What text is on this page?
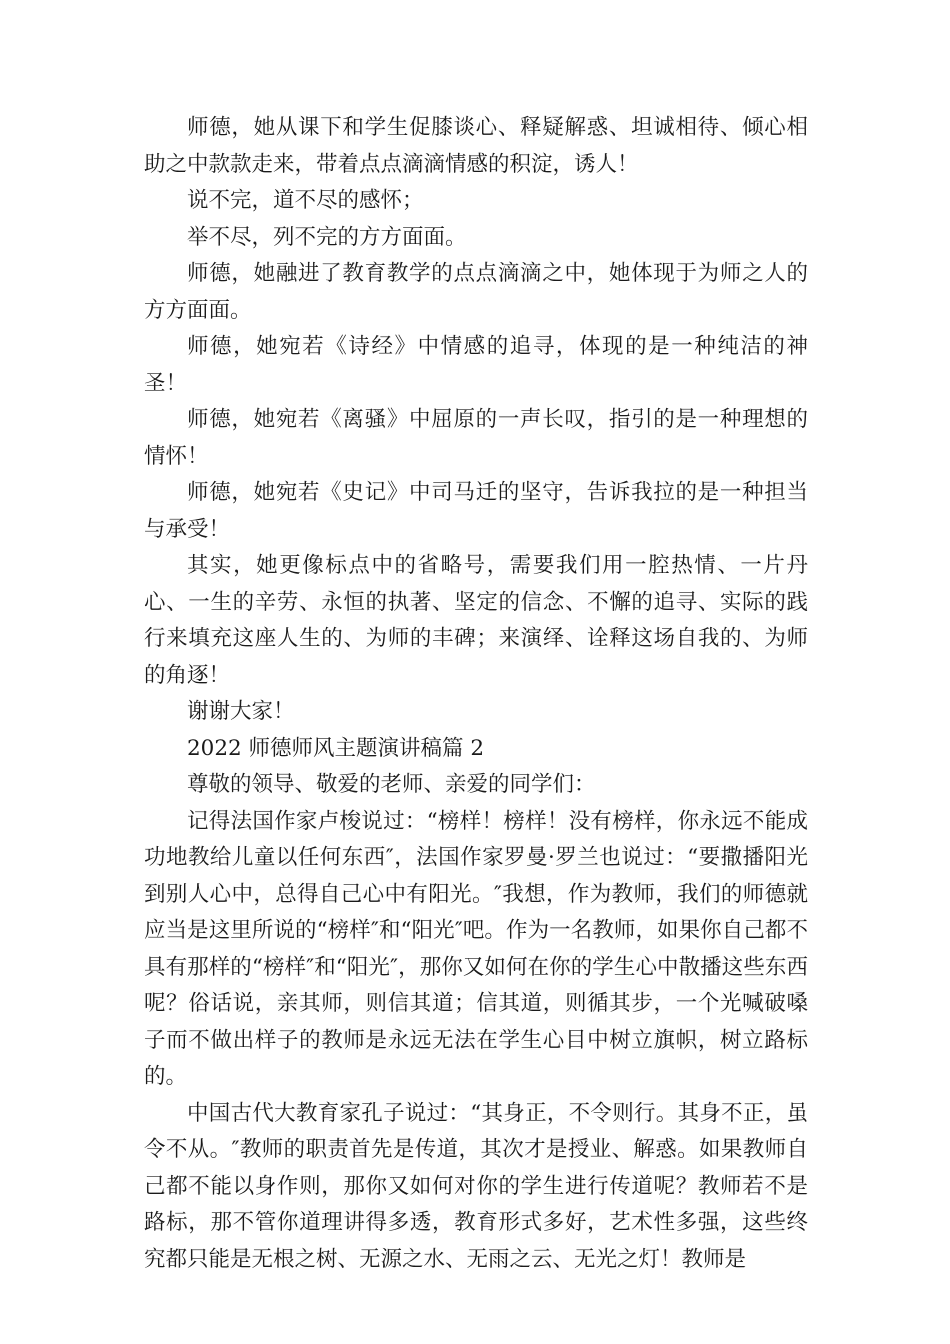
师德，她从课下和学生促膝谈心、释疑解惑、坦诚相待、倾心相助之中款款走来，带着点点滴滴情感的积淀，诱人！

说不完，道不尽的感怀；

举不尽，列不完的方方面面。

师德，她融进了教育教学的点点滴滴之中，她体现于为师之人的方方面面。

师德，她宛若《诗经》中情感的追寻，体现的是一种纯洁的神圣！

师德，她宛若《离骚》中屈原的一声长叹，指引的是一种理想的情怀！

师德，她宛若《史记》中司马迁的坚守，告诉我拉的是一种担当与承受！

其实，她更像标点中的省略号，需要我们用一腔热情、一片丹心、一生的辛劳、永恒的执著、坚定的信念、不懈的追寻、实际的践行来填充这座人生的、为师的丰碑；来演绎、诠释这场自我的、为师的角逐！

谢谢大家！

2022 师德师风主题演讲稿篇 2

尊敬的领导、敬爱的老师、亲爱的同学们：

记得法国作家卢梭说过：“榜样！榜样！没有榜样，你永远不能成功地教给儿童以任何东西″，法国作家罗曼·罗兰也说过：“要撒播阳光到别人心中，总得自己心中有阳光。″我想，作为教师，我们的师德就应当是这里所说的“榜样″和“阳光″吧。作为一名教师，如果你自己都不具有那样的“榜样″和“阳光″，那你又如何在你的学生心中散播这些东西呢？俗话说，亲其师，则信其道；信其道，则循其步，一个光喊破嗓子而不做出样子的教师是永远无法在学生心目中树立旗帜，树立路标的。

中国古代大教育家孔子说过：“其身正，不令则行。其身不正，虽令不从。″教师的职责首先是传道，其次才是授业、解惑。如果教师自己都不能以身作则，那你又如何对你的学生进行传道呢？教师若不是路标，那不管你道理讲得多透，教育形式多好，艺术性多强，这些终究都只能是无根之树、无源之水、无雨之云、无光之灯！教师是
